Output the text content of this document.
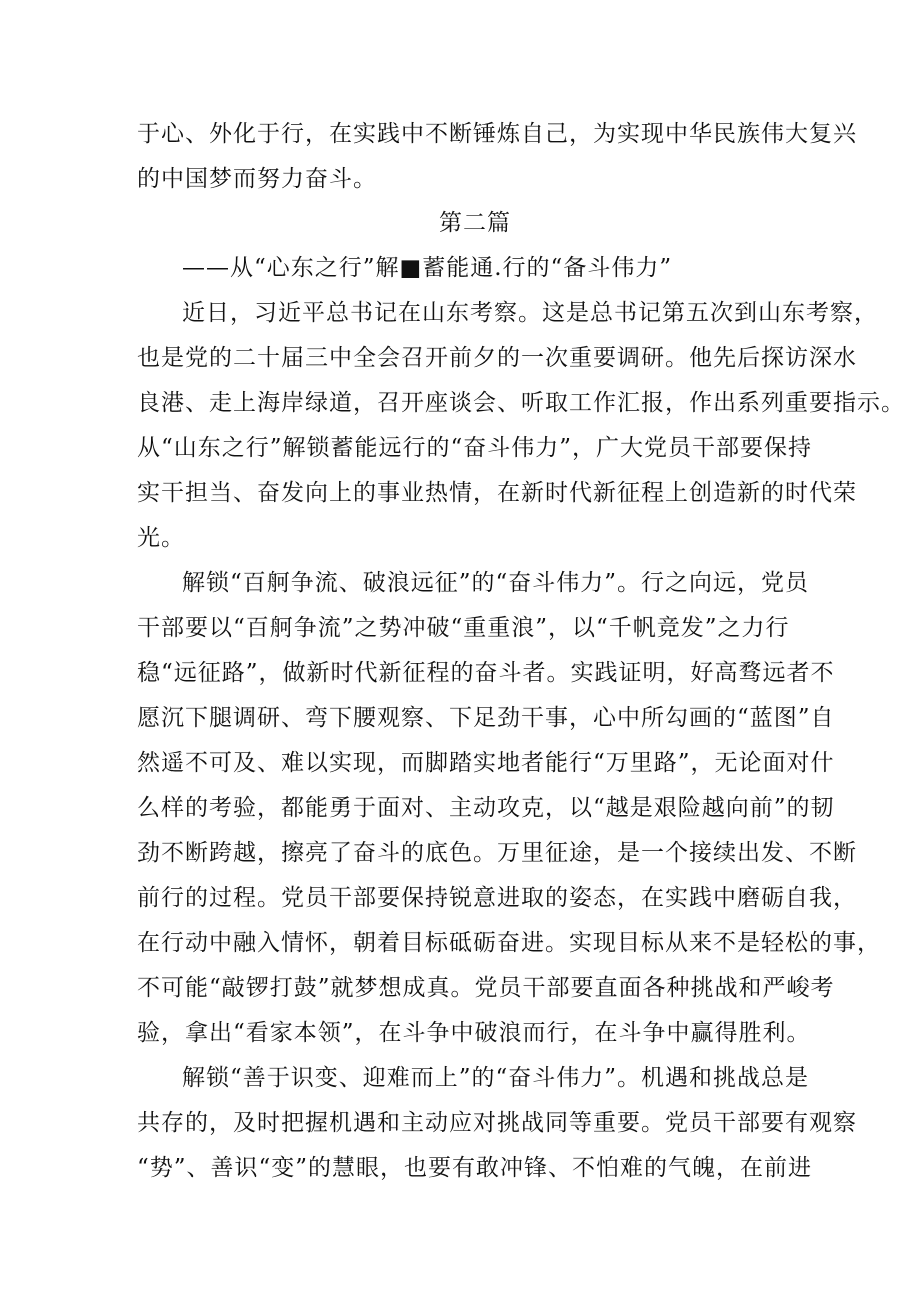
于心、外化于行，在实践中不断锤炼自己，为实现中华民族伟大复兴
的中国梦而努力奋斗。
第二篇
——从“心东之行”解■蓄能通.行的“备斗伟力”
近日，习近平总书记在山东考察。这是总书记第五次到山东考察，
也是党的二十届三中全会召开前夕的一次重要调研。他先后探访深水
良港、走上海岸绿道，召开座谈会、听取工作汇报，作出系列重要指示。
从“山东之行”解锁蓄能远行的“奋斗伟力”，广大党员干部要保持
实干担当、奋发向上的事业热情，在新时代新征程上创造新的时代荣
光。
解锁“百舸争流、破浪远征”的“奋斗伟力”。行之向远，党员
干部要以“百舸争流”之势冲破“重重浪”，以“千帆竞发”之力行
稳“远征路”，做新时代新征程的奋斗者。实践证明，好高骛远者不
愿沉下腿调研、弯下腰观察、下足劲干事，心中所勾画的“蓝图”自
然遥不可及、难以实现，而脚踏实地者能行“万里路”，无论面对什
么样的考验，都能勇于面对、主动攻克，以“越是艰险越向前”的韧
劲不断跨越，擦亮了奋斗的底色。万里征途，是一个接续出发、不断
前行的过程。党员干部要保持锐意进取的姿态，在实践中磨砺自我，
在行动中融入情怀，朝着目标砥砺奋进。实现目标从来不是轻松的事，
不可能“敲锣打鼓”就梦想成真。党员干部要直面各种挑战和严峻考
验，拿出“看家本领”，在斗争中破浪而行，在斗争中赢得胜利。
解锁“善于识变、迎难而上”的“奋斗伟力”。机遇和挑战总是
共存的，及时把握机遇和主动应对挑战同等重要。党员干部要有观察
“势”、善识“变”的慧眼，也要有敢冲锋、不怕难的气魄，在前进
